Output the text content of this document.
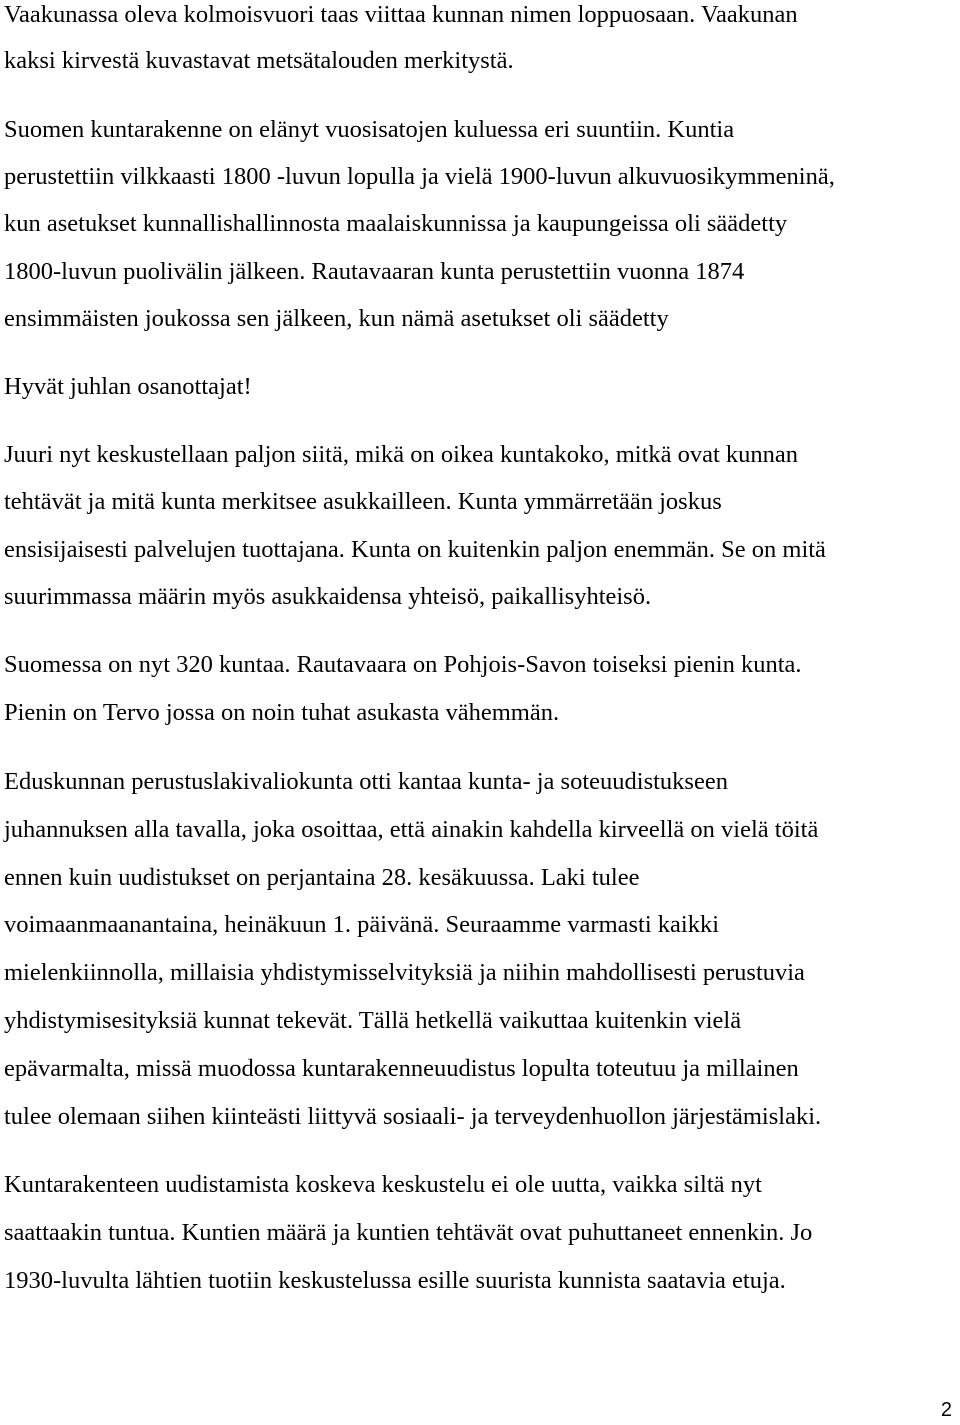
Vaakunassa oleva kolmoisvuori taas viittaa kunnan nimen loppuosaan. Vaakunan
kaksi kirvestä kuvastavat metsätalouden merkitystä.
Suomen kuntarakenne on elänyt vuosisatojen kuluessa eri suuntiin. Kuntia
perustettiin vilkkaasti 1800 -luvun lopulla ja vielä 1900-luvun alkuvuosikymmeninä,
kun asetukset kunnallishallinnosta maalaiskunnissa ja kaupungeissa oli säädetty
1800-luvun puolivälin jälkeen. Rautavaaran kunta perustettiin vuonna 1874
ensimmäisten joukossa sen jälkeen, kun nämä asetukset oli säädetty
Hyvät juhlan osanottajat!
Juuri nyt keskustellaan paljon siitä, mikä on oikea kuntakoko, mitkä ovat kunnan
tehtävät ja mitä kunta merkitsee asukkailleen. Kunta ymmärretään joskus
ensisijaisesti palvelujen tuottajana. Kunta on kuitenkin paljon enemmän. Se on mitä
suurimmassa määrin myös asukkaidensa yhteisö, paikallisyhteisö.
Suomessa on nyt 320 kuntaa. Rautavaara on Pohjois-Savon toiseksi pienin kunta.
Pienin on Tervo jossa on noin tuhat asukasta vähemmän.
Eduskunnan perustuslakivaliokunta otti kantaa kunta- ja soteuudistukseen
juhannuksen alla tavalla, joka osoittaa, että ainakin kahdella kirveellä on vielä töitä
ennen kuin uudistukset on perjantaina 28. kesäkuussa. Laki tulee
voimaanmaanantaina, heinäkuun 1. päivänä. Seuraamme varmasti kaikki
mielenkiinnolla, millaisia yhdistymisselvityksiä ja niihin mahdollisesti perustuvia
yhdistymisesityksiä kunnat tekevät. Tällä hetkellä vaikuttaa kuitenkin vielä
epävarmalta, missä muodossa kuntarakenneuudistus lopulta toteutuu ja millainen
tulee olemaan siihen kiinteästi liittyvä sosiaali- ja terveydenhuollon järjestämislaki.
Kuntarakenteen uudistamista koskeva keskustelu ei ole uutta, vaikka siltä nyt
saattaakin tuntua. Kuntien määrä ja kuntien tehtävät ovat puhuttaneet ennenkin. Jo
1930-luvulta lähtien tuotiin keskustelussa esille suurista kunnista saatavia etuja.
2
